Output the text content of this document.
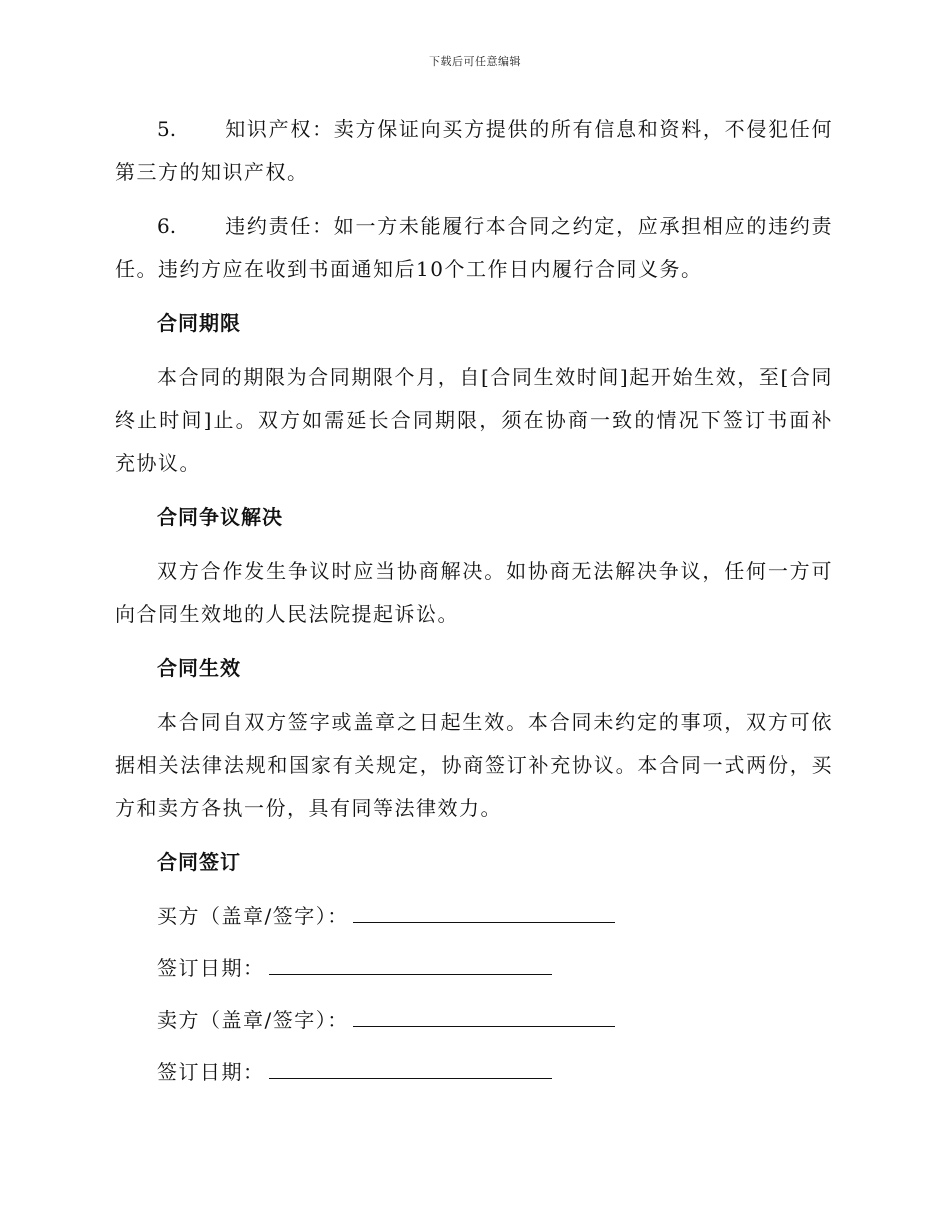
下载后可任意编辑

5. 知识产权：卖方保证向买方提供的所有信息和资料，不侵犯任何第三方的知识产权。

6. 违约责任：如一方未能履行本合同之约定，应承担相应的违约责任。违约方应在收到书面通知后10个工作日内履行合同义务。

合同期限

本合同的期限为合同期限个月，自[合同生效时间]起开始生效，至[合同终止时间]止。双方如需延长合同期限，须在协商一致的情况下签订书面补充协议。

合同争议解决

双方合作发生争议时应当协商解决。如协商无法解决争议，任何一方可向合同生效地的人民法院提起诉讼。

合同生效

本合同自双方签字或盖章之日起生效。本合同未约定的事项，双方可依据相关法律法规和国家有关规定，协商签订补充协议。本合同一式两份，买方和卖方各执一份，具有同等法律效力。

合同签订

买方（盖章/签字）：

签订日期：

卖方（盖章/签字）：

签订日期：
